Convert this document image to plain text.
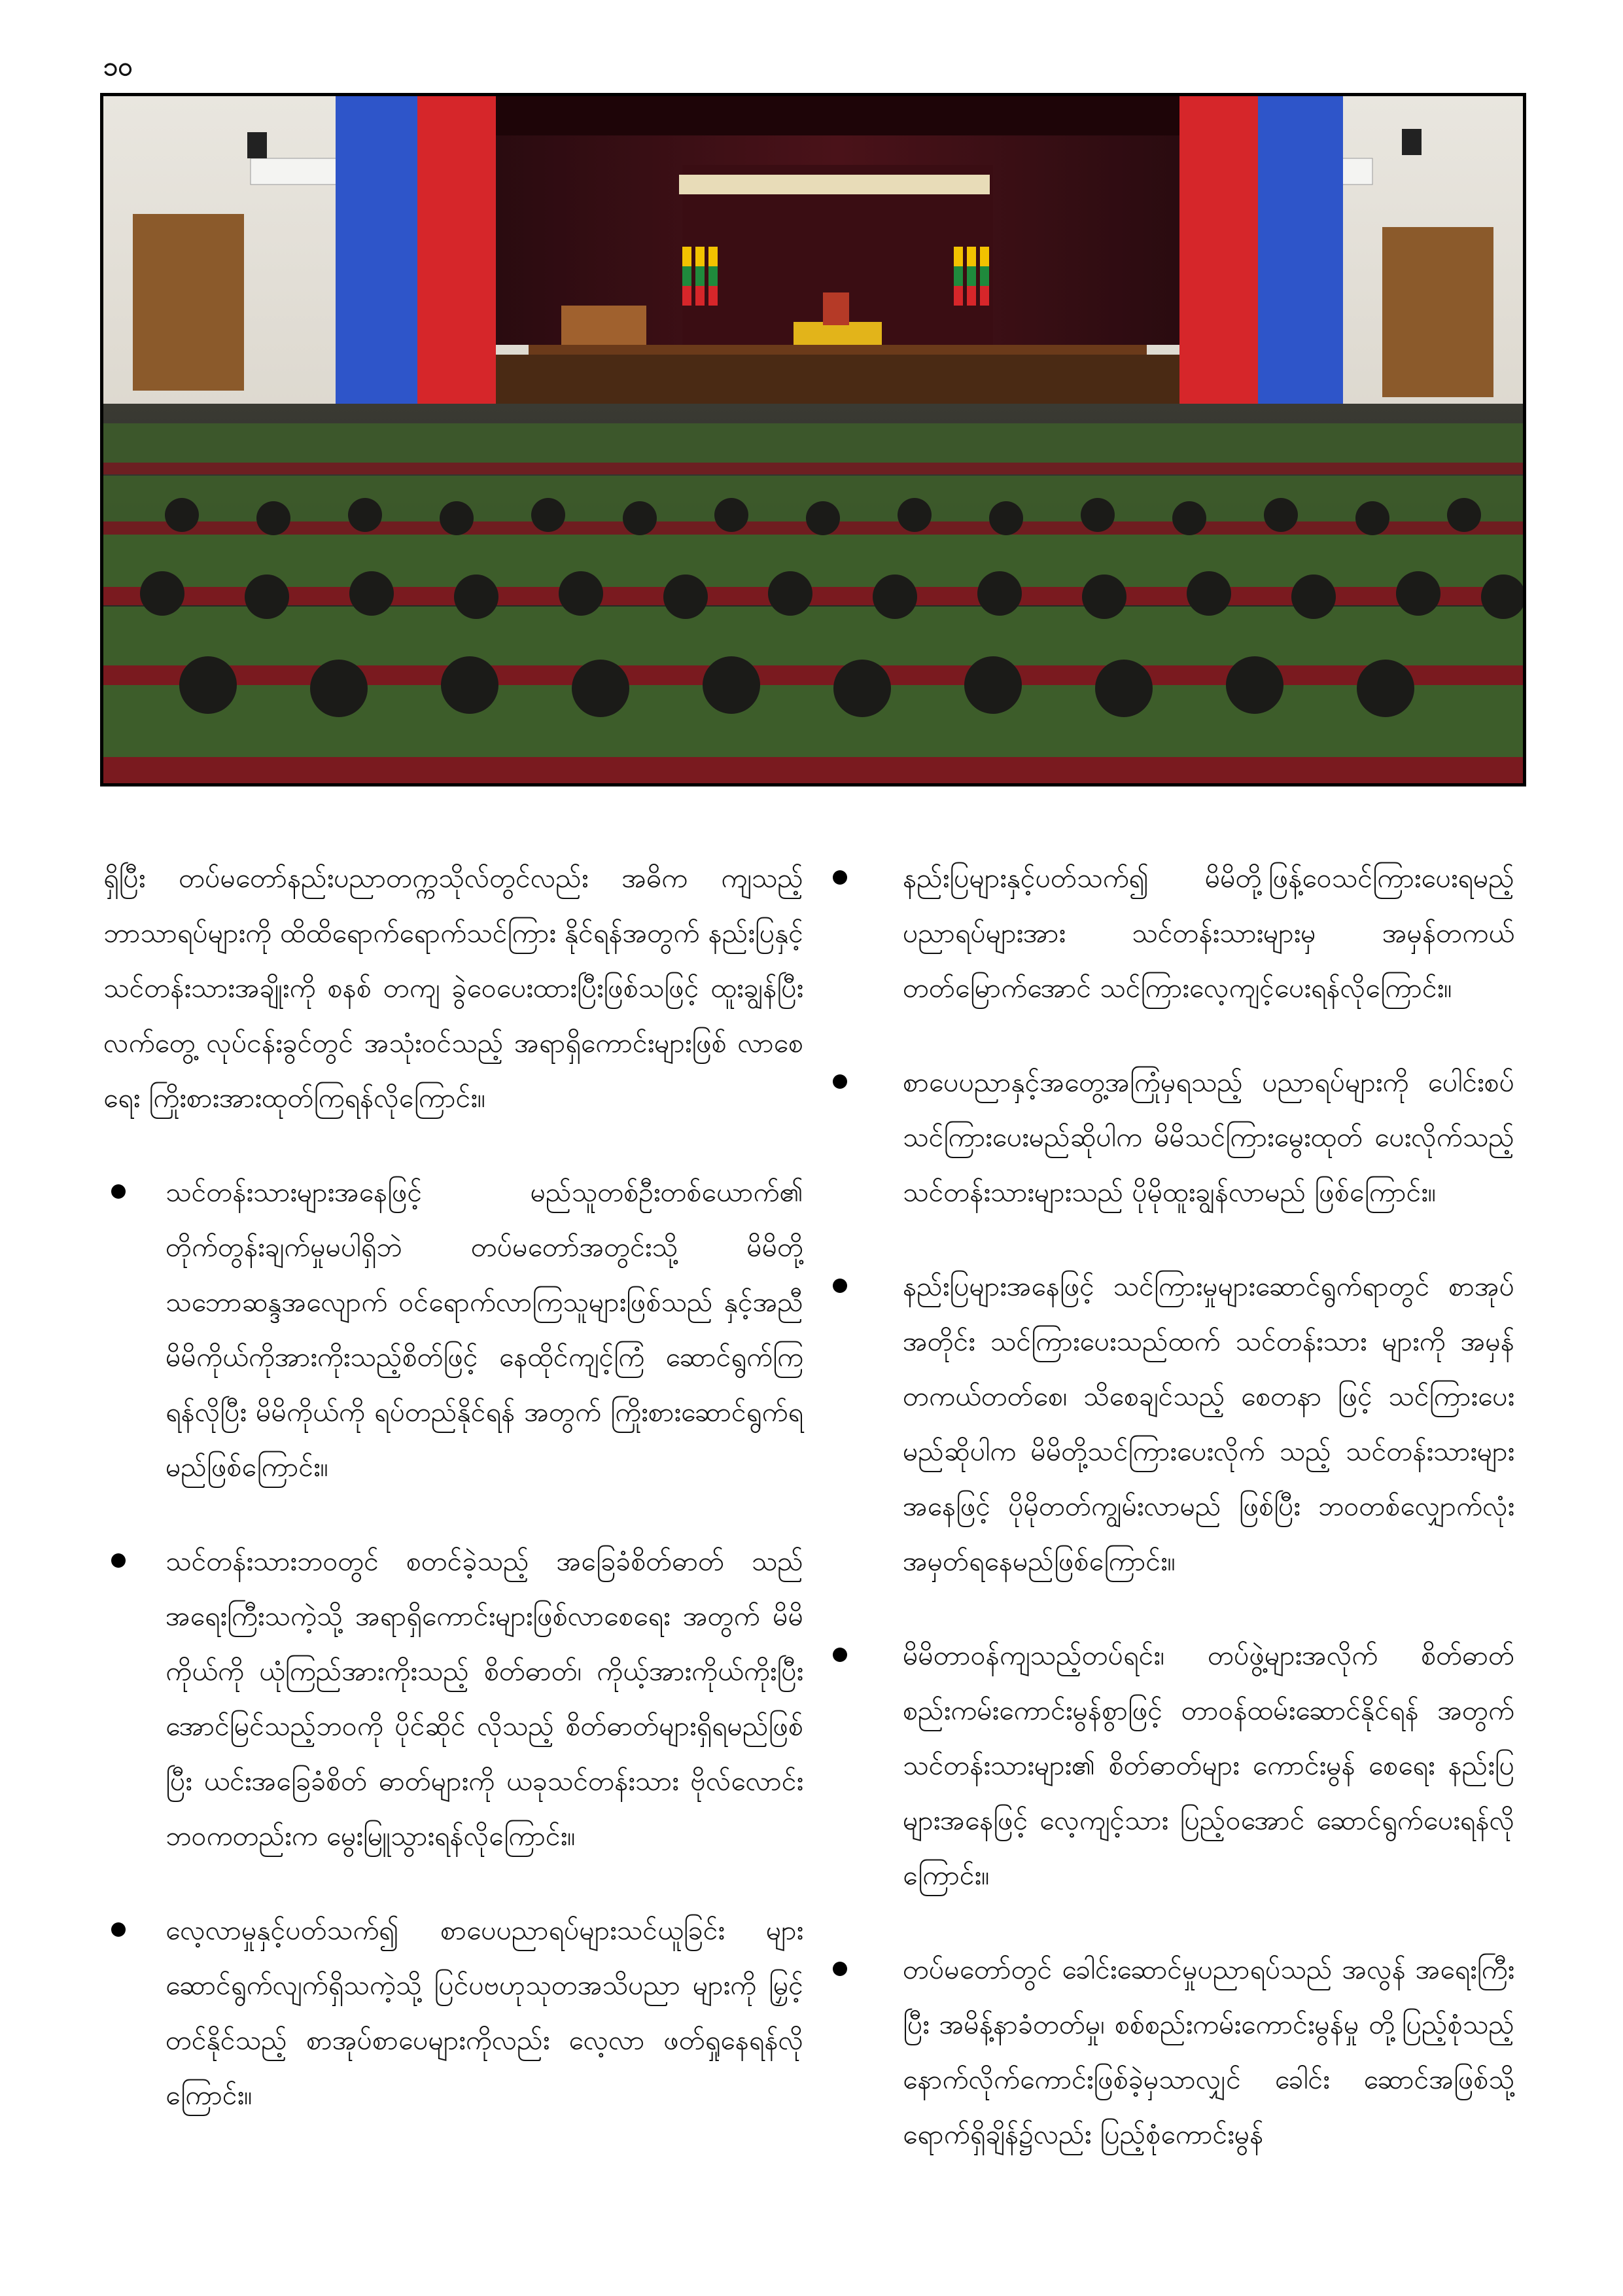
၁၀

ရှိပြီး တပ်မတော်နည်းပညာတက္ကသိုလ်တွင်လည်း အဓိက ကျသည့် ဘာသာရပ်များကို ထိထိရောက်ရောက်သင်ကြား နိုင်ရန်အတွက် နည်းပြနှင့် သင်တန်းသားအချိုးကို စနစ် တကျ ခွဲဝေပေးထားပြီးဖြစ်သဖြင့် ထူးချွန်ပြီး လက်တွေ့ လုပ်ငန်းခွင်တွင် အသုံးဝင်သည့် အရာရှိကောင်းများဖြစ် လာစေရေး ကြိုးစားအားထုတ်ကြရန်လိုကြောင်း။

သင်တန်းသားများအနေဖြင့် မည်သူတစ်ဦးတစ်ယောက်၏ တိုက်တွန်းချက်မှုမပါရှိဘဲ တပ်မတော်အတွင်းသို့ မိမိတို့ သဘောဆန္ဒအလျောက် ဝင်ရောက်လာကြသူများဖြစ်သည် နှင့်အညီ မိမိကိုယ်ကိုအားကိုးသည့်စိတ်ဖြင့် နေထိုင်ကျင့်ကြံ ဆောင်ရွက်ကြရန်လိုပြီး မိမိကိုယ်ကို ရပ်တည်နိုင်ရန် အတွက် ကြိုးစားဆောင်ရွက်ရမည်ဖြစ်ကြောင်း။
သင်တန်းသားဘဝတွင် စတင်ခဲ့သည့် အခြေခံစိတ်ဓာတ် သည် အရေးကြီးသကဲ့သို့ အရာရှိကောင်းများဖြစ်လာစေရေး အတွက် မိမိကိုယ်ကို ယုံကြည်အားကိုးသည့် စိတ်ဓာတ်၊ ကိုယ့်အားကိုယ်ကိုးပြီး အောင်မြင်သည့်ဘဝကို ပိုင်ဆိုင် လိုသည့် စိတ်ဓာတ်များရှိရမည်ဖြစ်ပြီး ယင်းအခြေခံစိတ် ဓာတ်များကို ယခုသင်တန်းသား ဗိုလ်လောင်းဘဝကတည်းက မွေးမြူသွားရန်လိုကြောင်း။
လေ့လာမှုနှင့်ပတ်သက်၍ စာပေပညာရပ်များသင်ယူခြင်း များ ဆောင်ရွက်လျက်ရှိသကဲ့သို့ ပြင်ပဗဟုသုတအသိပညာ များကို မြှင့်တင်နိုင်သည့် စာအုပ်စာပေများကိုလည်း လေ့လာ ဖတ်ရှုနေရန်လိုကြောင်း။
နည်းပြများနှင့်ပတ်သက်၍ မိမိတို့ဖြန့်ဝေသင်ကြားပေးရမည့် ပညာရပ်များအား သင်တန်းသားများမှ အမှန်တကယ် တတ်မြောက်အောင် သင်ကြားလေ့ကျင့်ပေးရန်လိုကြောင်း။
စာပေပညာနှင့်အတွေ့အကြုံမှရသည့် ပညာရပ်များကို ပေါင်းစပ်သင်ကြားပေးမည်ဆိုပါက မိမိသင်ကြားမွေးထုတ် ပေးလိုက်သည့် သင်တန်းသားများသည် ပိုမိုထူးချွန်လာမည် ဖြစ်ကြောင်း။
နည်းပြများအနေဖြင့် သင်ကြားမှုများဆောင်ရွက်ရာတွင် စာအုပ်အတိုင်း သင်ကြားပေးသည်ထက် သင်တန်းသား များကို အမှန်တကယ်တတ်စေ၊ သိစေချင်သည့် စေတနာ ဖြင့် သင်ကြားပေးမည်ဆိုပါက မိမိတို့သင်ကြားပေးလိုက် သည့် သင်တန်းသားများအနေဖြင့် ပိုမိုတတ်ကျွမ်းလာမည် ဖြစ်ပြီး ဘဝတစ်လျှောက်လုံး အမှတ်ရနေမည်ဖြစ်ကြောင်း။
မိမိတာဝန်ကျသည့်တပ်ရင်း၊ တပ်ဖွဲ့များအလိုက် စိတ်ဓာတ် စည်းကမ်းကောင်းမွန်စွာဖြင့် တာဝန်ထမ်းဆောင်နိုင်ရန် အတွက် သင်တန်းသားများ၏ စိတ်ဓာတ်များ ကောင်းမွန် စေရေး နည်းပြများအနေဖြင့် လေ့ကျင့်သား ပြည့်ဝအောင် ဆောင်ရွက်ပေးရန်လိုကြောင်း။
တပ်မတော်တွင် ခေါင်းဆောင်မှုပညာရပ်သည် အလွန် အရေးကြီးပြီး အမိန့်နာခံတတ်မှု၊ စစ်စည်းကမ်းကောင်းမွန်မှု တို့ပြည့်စုံသည့် နောက်လိုက်ကောင်းဖြစ်ခဲ့မှသာလျှင် ခေါင်း ဆောင်အဖြစ်သို့ ရောက်ရှိချိန်၌လည်း ပြည့်စုံကောင်းမွန်
